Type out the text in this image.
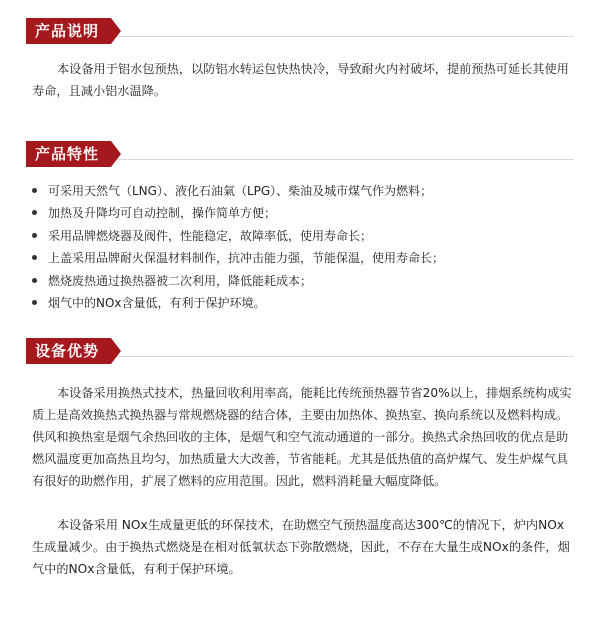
产品说明

本设备用于铝水包预热，以防铝水转运包快热快冷，导致耐火内衬破坏，提前预热可延长其使用寿命，且减小铝水温降。

产品特性
可采用天然气（LNG）、液化石油氣（LPG）、柴油及城市煤气作为燃料；
加热及升降均可自动控制，操作简单方便；
采用品牌燃烧器及阀件，性能稳定，故障率低，使用寿命长；
上盖采用品牌耐火保温材料制作，抗冲击能力强，节能保温，使用寿命长；
燃烧废热通过换热器被二次利用，降低能耗成本；
烟气中的NOx含量低，有利于保护环境。
设备优势

本设备采用换热式技术，热量回收利用率高，能耗比传统预热器节省20%以上，排烟系统构成实质上是高效换热式换热器与常规燃烧器的结合体，主要由加热体、换热室、换向系统以及燃料构成。供风和换热室是烟气余热回收的主体，是烟气和空气流动通道的一部分。换热式余热回收的优点是助燃风温度更加高热且均匀，加热质量大大改善，节省能耗。尤其是低热值的高炉煤气、发生炉煤气具有很好的助燃作用，扩展了燃料的应用范围。因此，燃料消耗量大幅度降低。

本设备采用 NOx生成量更低的环保技术，在助燃空气预热温度高达300℃的情况下，炉内NOx生成量减少。由于换热式燃烧是在相对低氧状态下弥散燃烧，因此，不存在大量生成NOx的条件，烟气中的NOx含量低，有利于保护环境。
